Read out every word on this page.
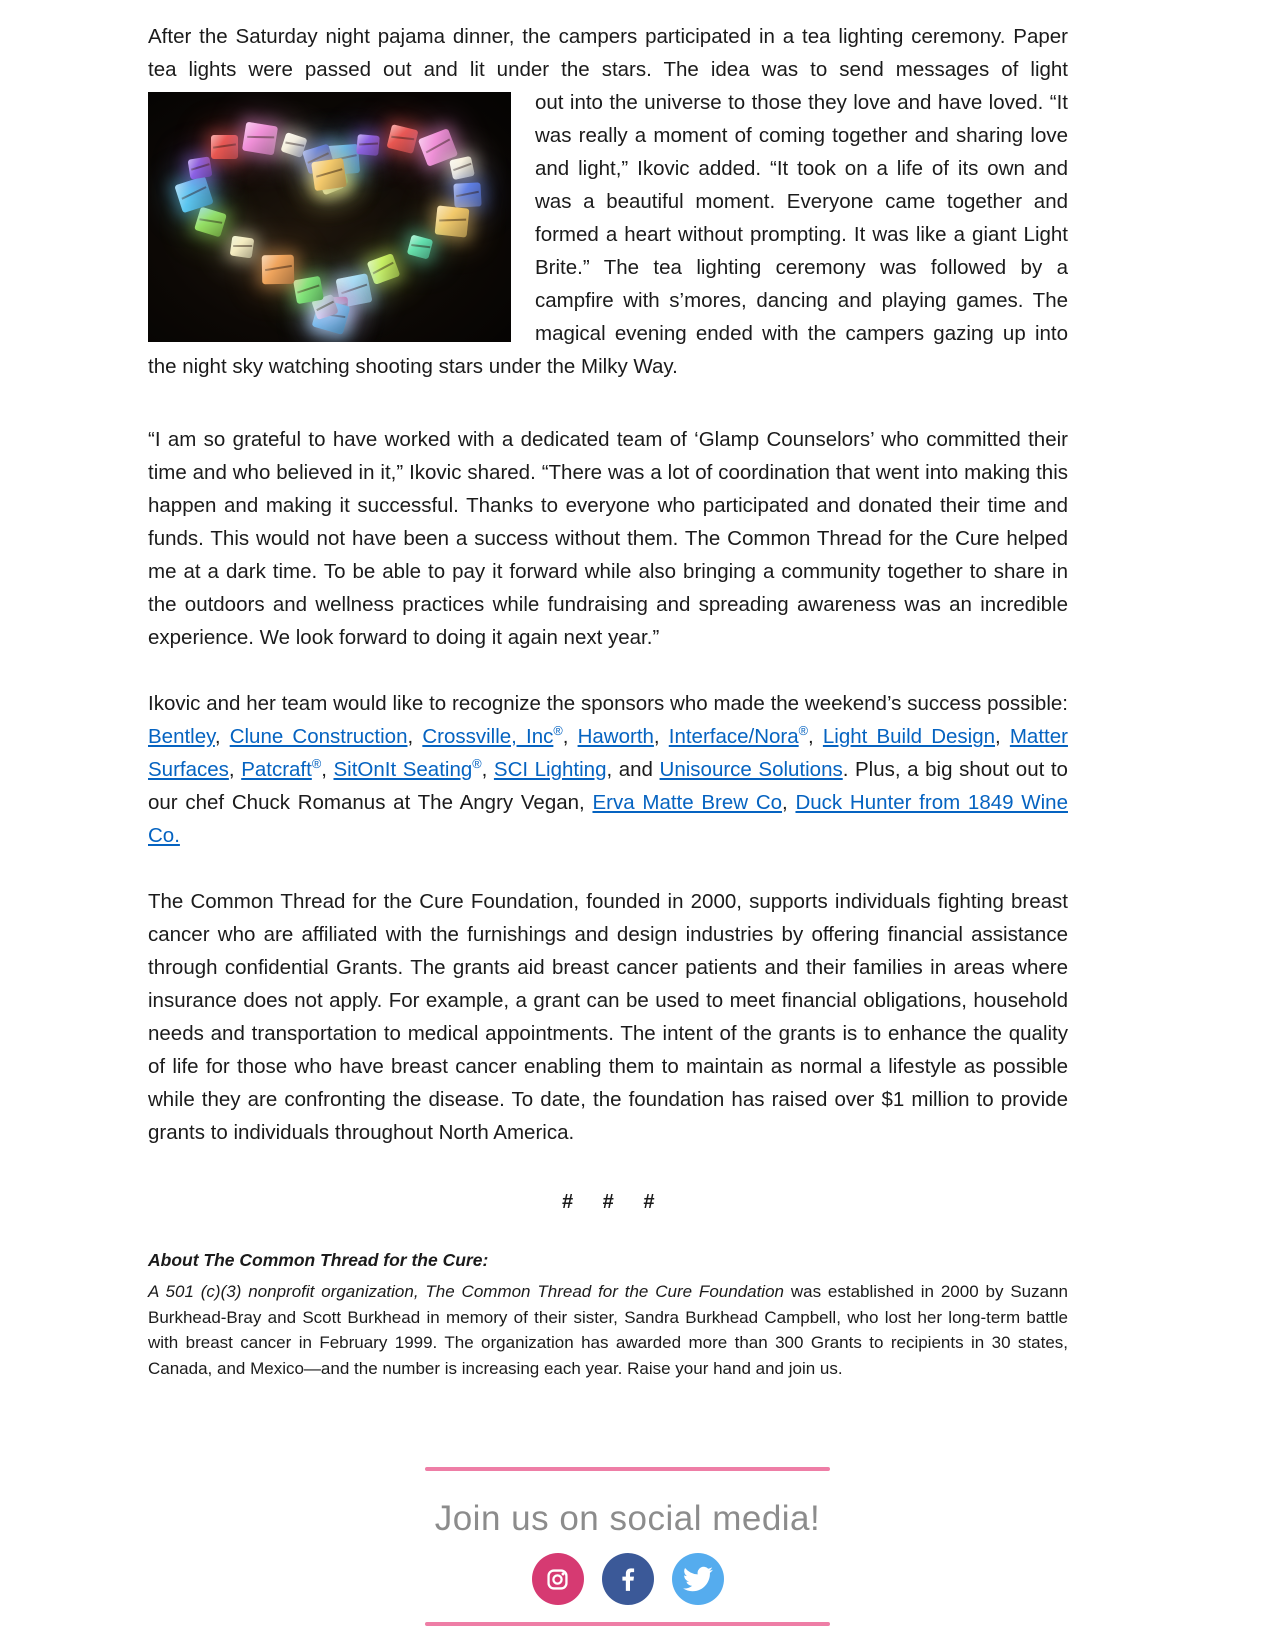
After the Saturday night pajama dinner, the campers participated in a tea lighting ceremony. Paper tea lights were passed out and lit under the stars. The idea was to send messages of light

out into the universe to those they love and have loved. “It was really a moment of coming together and sharing love and light,” Ikovic added. “It took on a life of its own and was a beautiful moment. Everyone came together and formed a heart without prompting. It was like a giant Light Brite.” The tea lighting ceremony was followed by a campfire with s’mores, dancing and playing games. The magical evening ended with the campers gazing up into the night sky watching shooting stars under the Milky Way.

“I am so grateful to have worked with a dedicated team of ‘Glamp Counselors’ who committed their time and who believed in it,” Ikovic shared. “There was a lot of coordination that went into making this happen and making it successful. Thanks to everyone who participated and donated their time and funds. This would not have been a success without them. The Common Thread for the Cure helped me at a dark time. To be able to pay it forward while also bringing a community together to share in the outdoors and wellness practices while fundraising and spreading awareness was an incredible experience. We look forward to doing it again next year.”

Ikovic and her team would like to recognize the sponsors who made the weekend’s success possible: Bentley, Clune Construction, Crossville, Inc®, Haworth, Interface/Nora®, Light Build Design, Matter Surfaces, Patcraft®, SitOnIt Seating®, SCI Lighting, and Unisource Solutions. Plus, a big shout out to our chef Chuck Romanus at The Angry Vegan, Erva Matte Brew Co, Duck Hunter from 1849 Wine Co.

The Common Thread for the Cure Foundation, founded in 2000, supports individuals fighting breast cancer who are affiliated with the furnishings and design industries by offering financial assistance through confidential Grants. The grants aid breast cancer patients and their families in areas where insurance does not apply. For example, a grant can be used to meet financial obligations, household needs and transportation to medical appointments. The intent of the grants is to enhance the quality of life for those who have breast cancer enabling them to maintain as normal a lifestyle as possible while they are confronting the disease. To date, the foundation has raised over $1 million to provide grants to individuals throughout North America.

# # #

About The Common Thread for the Cure:

A 501 (c)(3) nonprofit organization, The Common Thread for the Cure Foundation was established in 2000 by Suzann Burkhead-Bray and Scott Burkhead in memory of their sister, Sandra Burkhead Campbell, who lost her long-term battle with breast cancer in February 1999. The organization has awarded more than 300 Grants to recipients in 30 states, Canada, and Mexico—and the number is increasing each year. Raise your hand and join us.

Join us on social media!
